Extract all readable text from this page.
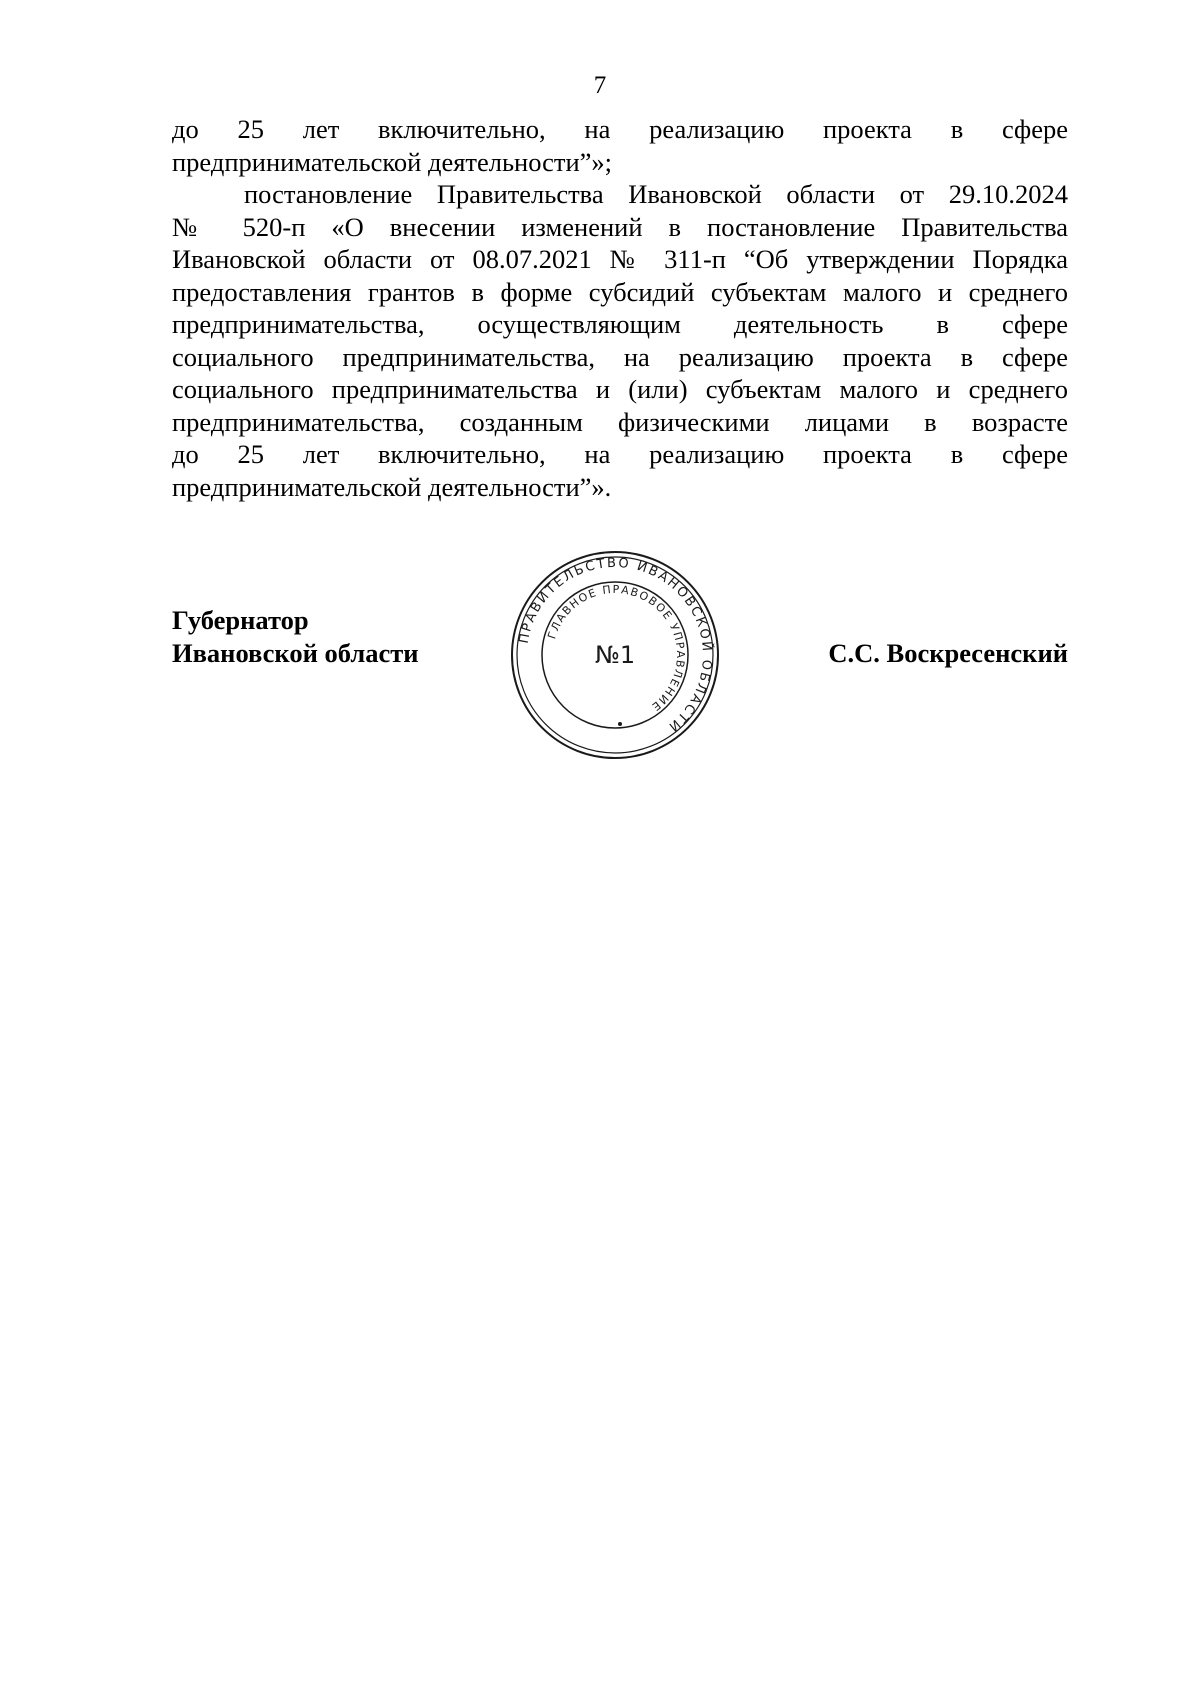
7
до 25 лет включительно, на реализацию проекта в сфере
предпринимательской деятельности”»;
постановление Правительства Ивановской области от 29.10.2024
№ 520-п «О внесении изменений в постановление Правительства
Ивановской области от 08.07.2021 № 311-п “Об утверждении Порядка
предоставления грантов в форме субсидий субъектам малого и среднего
предпринимательства, осуществляющим деятельность в сфере
социального предпринимательства, на реализацию проекта в сфере
социального предпринимательства и (или) субъектам малого и среднего
предпринимательства, созданным физическими лицами в возрасте
до 25 лет включительно, на реализацию проекта в сфере
предпринимательской деятельности”».
Губернатор
Ивановской области	С.С. Воскресенский
ПРАВИТЕЛЬСТВО ИВАНОВСКОЙ ОБЛАСТИ
ГЛАВНОЕ ПРАВОВОЕ УПРАВЛЕНИЕ
№1
